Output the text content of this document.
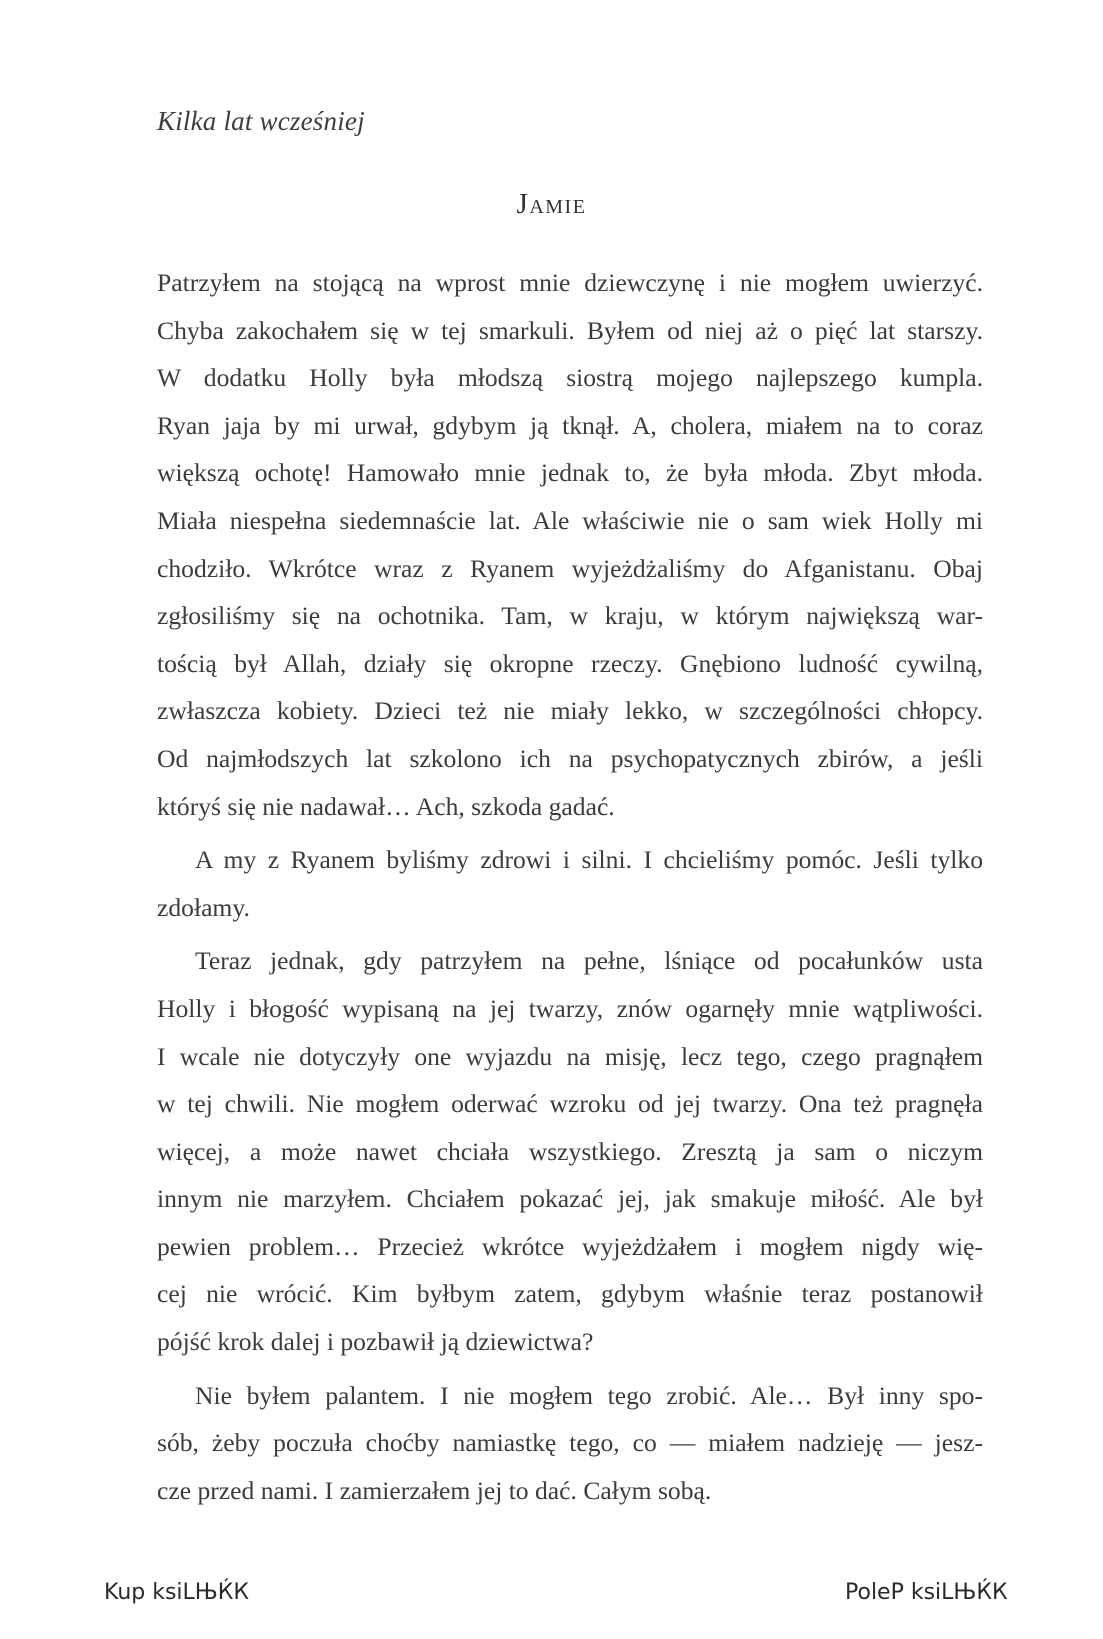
Kilka lat wcześniej
Jamie
Patrzyłem na stojącą na wprost mnie dziewczynę i nie mogłem uwierzyć.
Chyba zakochałem się w tej smarkuli. Byłem od niej aż o pięć lat starszy.
W dodatku Holly była młodszą siostrą mojego najlepszego kumpla.
Ryan jaja by mi urwał, gdybym ją tknął. A, cholera, miałem na to coraz
większą ochotę! Hamowało mnie jednak to, że była młoda. Zbyt młoda.
Miała niespełna siedemnaście lat. Ale właściwie nie o sam wiek Holly mi
chodziło. Wkrótce wraz z Ryanem wyjeżdżaliśmy do Afganistanu. Obaj
zgłosiliśmy się na ochotnika. Tam, w kraju, w którym największą war-
tością był Allah, działy się okropne rzeczy. Gnębiono ludność cywilną,
zwłaszcza kobiety. Dzieci też nie miały lekko, w szczególności chłopcy.
Od najmłodszych lat szkolono ich na psychopatycznych zbirów, a jeśli
któryś się nie nadawał… Ach, szkoda gadać.
A my z Ryanem byliśmy zdrowi i silni. I chcieliśmy pomóc. Jeśli tylko
zdołamy.
Teraz jednak, gdy patrzyłem na pełne, lśniące od pocałunków usta
Holly i błogość wypisaną na jej twarzy, znów ogarnęły mnie wątpliwości.
I wcale nie dotyczyły one wyjazdu na misję, lecz tego, czego pragnąłem
w tej chwili. Nie mogłem oderwać wzroku od jej twarzy. Ona też pragnęła
więcej, a może nawet chciała wszystkiego. Zresztą ja sam o niczym
innym nie marzyłem. Chciałem pokazać jej, jak smakuje miłość. Ale był
pewien problem… Przecież wkrótce wyjeżdżałem i mogłem nigdy wię-
cej nie wrócić. Kim byłbym zatem, gdybym właśnie teraz postanowił
pójść krok dalej i pozbawił ją dziewictwa?
Nie byłem palantem. I nie mogłem tego zrobić. Ale… Był inny spo-
sób, żeby poczuła choćby namiastkę tego, co — miałem nadzieję — jesz-
cze przed nami. I zamierzałem jej to dać. Całym sobą.
Kup ksiLЊЌК	PoleP ksiLЊЌК
